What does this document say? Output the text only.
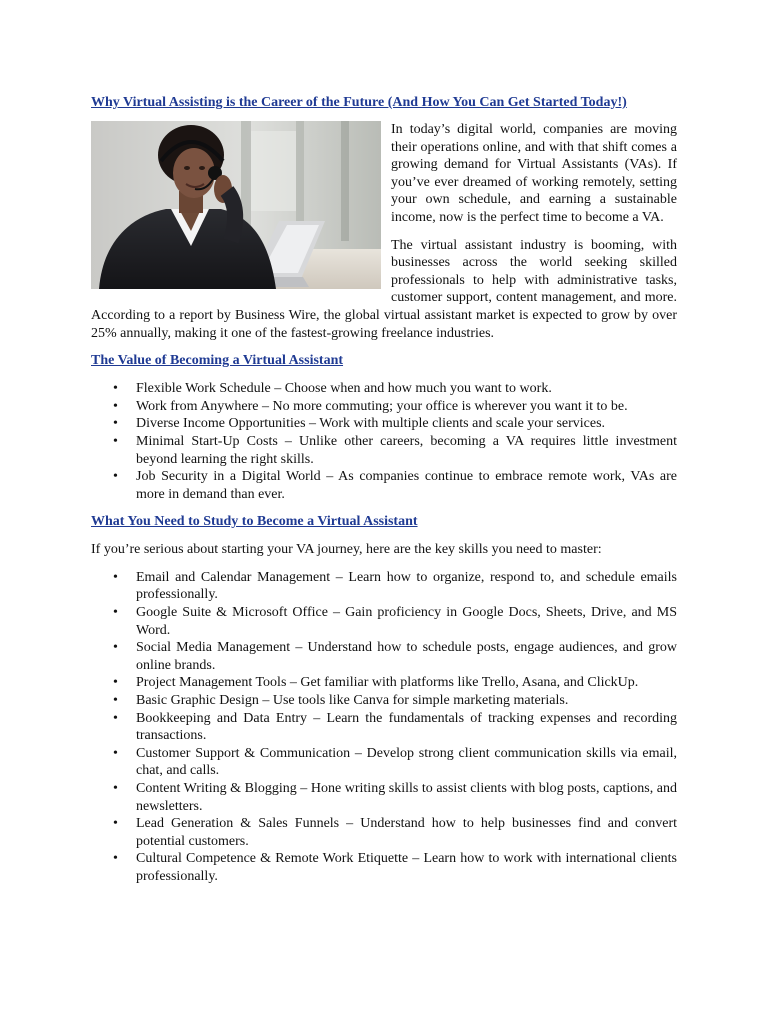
Why Virtual Assisting is the Career of the Future (And How You Can Get Started Today!)

In today’s digital world, companies are moving their operations online, and with that shift comes a growing demand for Virtual Assistants (VAs). If you’ve ever dreamed of working remotely, setting your own schedule, and earning a sustainable income, now is the perfect time to become a VA.

The virtual assistant industry is booming, with businesses across the world seeking skilled professionals to help with administrative tasks, customer support, content management, and more. According to a report by Business Wire, the global virtual assistant market is expected to grow by over 25% annually, making it one of the fastest-growing freelance industries.

The Value of Becoming a Virtual Assistant
• Flexible Work Schedule – Choose when and how much you want to work.
• Work from Anywhere – No more commuting; your office is wherever you want it to be.
• Diverse Income Opportunities – Work with multiple clients and scale your services.
• Minimal Start-Up Costs – Unlike other careers, becoming a VA requires little investment beyond learning the right skills.
• Job Security in a Digital World – As companies continue to embrace remote work, VAs are more in demand than ever.
What You Need to Study to Become a Virtual Assistant

If you’re serious about starting your VA journey, here are the key skills you need to master:

• Email and Calendar Management – Learn how to organize, respond to, and schedule emails professionally.
• Google Suite & Microsoft Office – Gain proficiency in Google Docs, Sheets, Drive, and MS Word.
• Social Media Management – Understand how to schedule posts, engage audiences, and grow online brands.
• Project Management Tools – Get familiar with platforms like Trello, Asana, and ClickUp.
• Basic Graphic Design – Use tools like Canva for simple marketing materials.
• Bookkeeping and Data Entry – Learn the fundamentals of tracking expenses and recording transactions.
• Customer Support & Communication – Develop strong client communication skills via email, chat, and calls.
• Content Writing & Blogging – Hone writing skills to assist clients with blog posts, captions, and newsletters.
• Lead Generation & Sales Funnels – Understand how to help businesses find and convert potential customers.
• Cultural Competence & Remote Work Etiquette – Learn how to work with international clients professionally.
